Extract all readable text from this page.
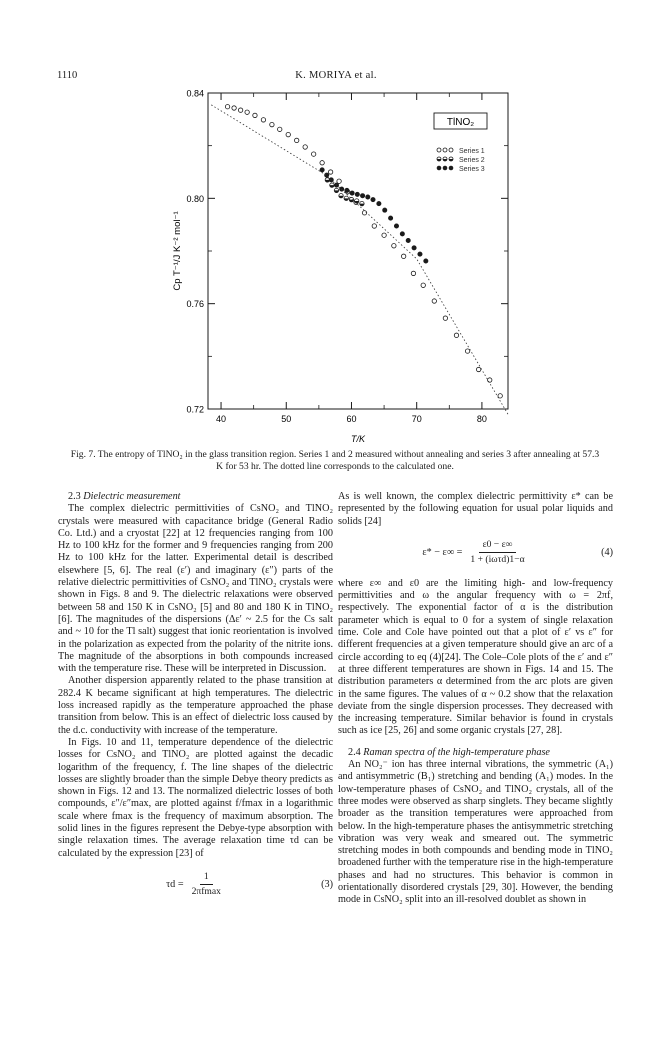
1110	K. MORIYA et al.
40	50	60	70	80
0.84
0.80
0.76
0.72
TlNO₂
Series 1
Series 2
Series 3
Cp T⁻¹/J K⁻² mol⁻¹
T/K
Fig. 7. The entropy of TlNO₂ in the glass transition region. Series 1 and 2 measured without annealing and series 3 after annealing at 57.3 K for 53 hr. The dotted line corresponds to the calculated one.

2.3 Dielectric measurement

The complex dielectric permittivities of CsNO₂ and TlNO₂ crystals were measured with capacitance bridge (General Radio Co. Ltd.) and a cryostat [22] at 12 frequencies ranging from 100 Hz to 100 kHz for the former and 9 frequencies ranging from 200 Hz to 100 kHz for the latter. Experimental detail is described elsewhere [5, 6]. The real (ε′) and imaginary (ε″) parts of the relative dielectric permittivities of CsNO₂ and TlNO₂ crystals were shown in Figs. 8 and 9. The dielectric relaxations were observed between 58 and 150 K in CsNO₂ [5] and 80 and 180 K in TlNO₂ [6]. The magnitudes of the dispersions (Δε′ ~ 2.5 for the Cs salt and ~ 10 for the Tl salt) suggest that ionic reorientation is involved in the polarization as expected from the polarity of the nitrite ions. The magnitude of the absorptions in both compounds increased with the temperature rise. These will be interpreted in Discussion.

Another dispersion apparently related to the phase transition at 282.4 K became significant at high temperatures. The dielectric loss increased rapidly as the temperature approached the phase transition from below. This is an effect of dielectric loss caused by the d.c. conductivity with increase of the temperature.

In Figs. 10 and 11, temperature dependence of the dielectric losses for CsNO₂ and TlNO₂ are plotted against the decadic logarithm of the frequency, f. The line shapes of the dielectric losses are slightly broader than the simple Debye theory predicts as shown in Figs. 12 and 13. The normalized dielectric losses of both compounds, ε″/ε″max, are plotted against f/fmax in a logarithmic scale where fmax is the frequency of maximum absorption. The solid lines in the figures represent the Debye-type absorption with single relaxation times. The average relaxation time τd can be calculated by the expression [23] of

$\tau d = \frac{1}{2\pi fmax}$	(3)

As is well known, the complex dielectric permittivity ε* can be represented by the following equation for usual polar liquids and solids [24]

$\varepsilon* - \varepsilon\infty = \frac{\varepsilon 0 - \varepsilon\infty}{\text{1 + (iωτd)1−α}}$	(4)

where ε∞ and ε0 are the limiting high- and low-frequency permittivities and ω the angular frequency with ω = 2πf, respectively. The exponential factor of α is the distribution parameter which is equal to 0 for a system of single relaxation time. Cole and Cole have pointed out that a plot of ε′ vs ε″ for different frequencies at a given temperature should give an arc of a circle according to eq (4)[24]. The Cole–Cole plots of the ε′ and ε″ at three different temperatures are shown in Figs. 14 and 15. The distribution parameters α determined from the arc plots are given in the same figures. The values of α ~ 0.2 show that the relaxation deviate from the single dispersion processes. They decreased with the increasing temperature. Similar behavior is found in crystals such as ice [25, 26] and some organic crystals [27, 28].

2.4 Raman spectra of the high-temperature phase

An NO₂⁻ ion has three internal vibrations, the symmetric (A₁) and antisymmetric (B₁) stretching and bending (A₁) modes. In the low-temperature phases of CsNO₂ and TlNO₂ crystals, all of the three modes were observed as sharp singlets. They became slightly broader as the transition temperatures were approached from below. In the high-temperature phases the antisymmetric stretching vibration was very weak and smeared out. The symmetric stretching modes in both compounds and bending mode in TlNO₂ broadened further with the temperature rise in the high-temperature phases and had no structures. This behavior is common in orientationally disordered crystals [29, 30]. However, the bending mode in CsNO₂ split into an ill-resolved doublet as shown in
